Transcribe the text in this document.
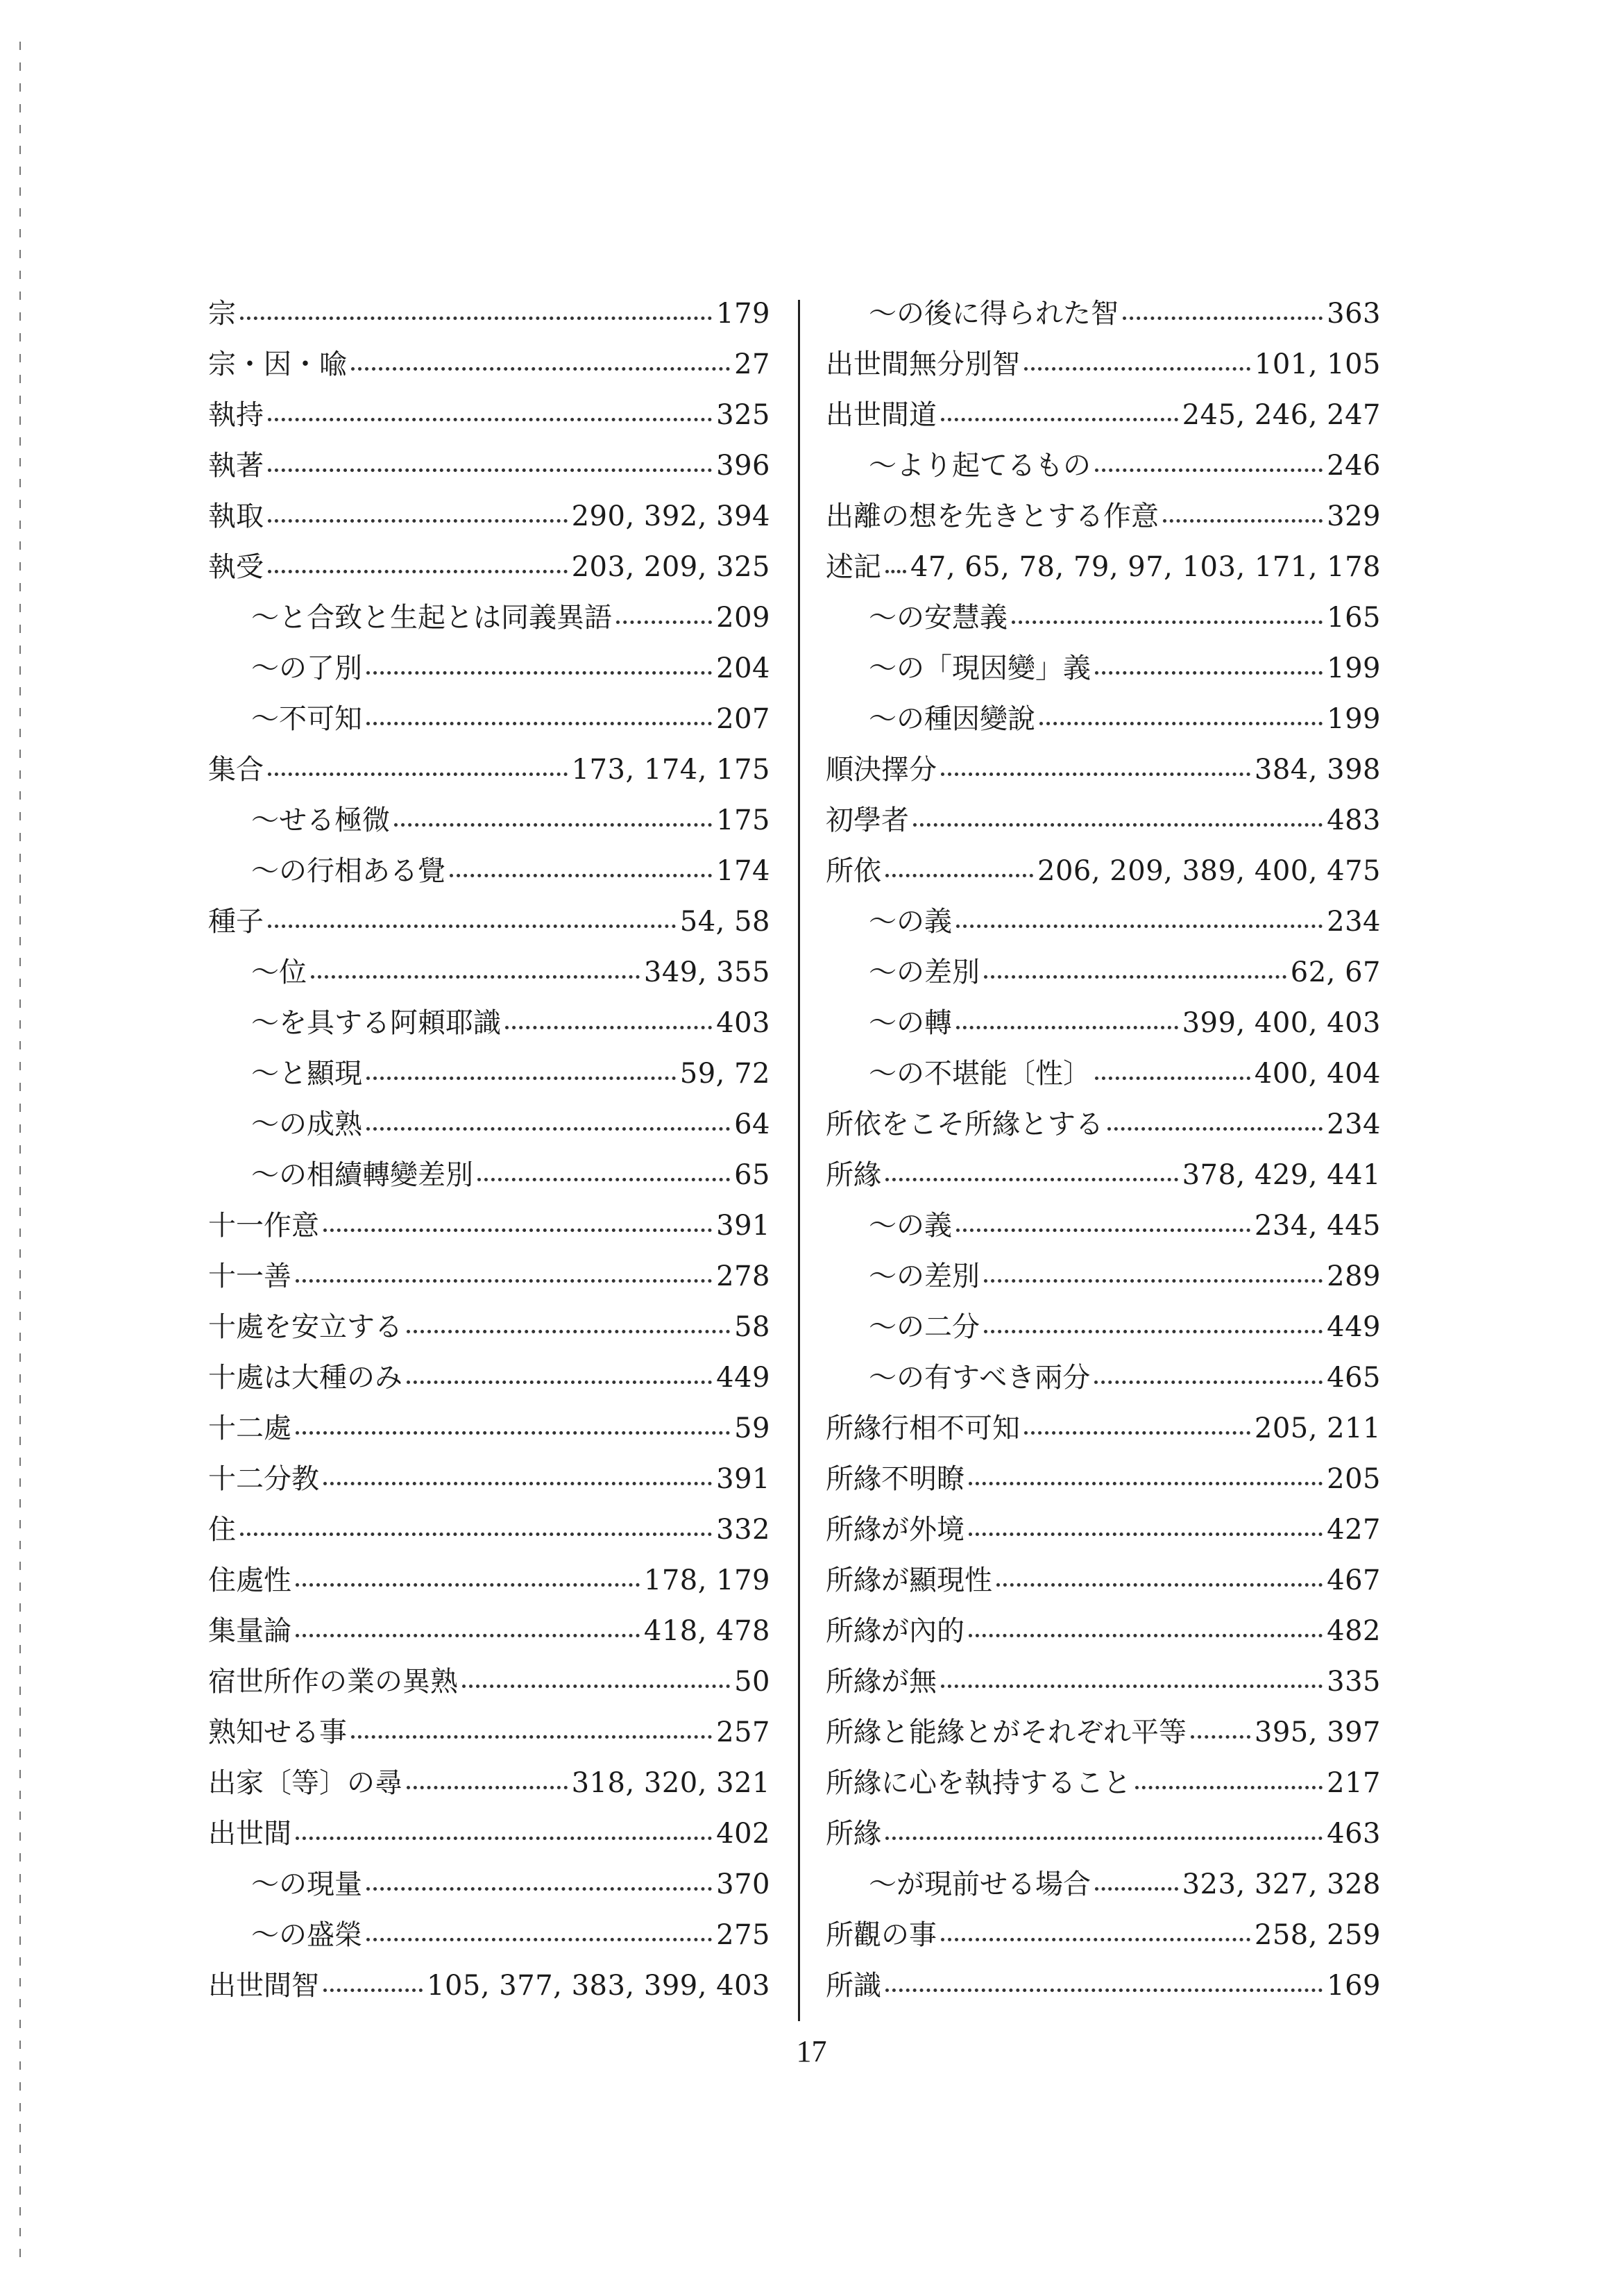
宗	179
宗・因・喩	27
執持	325
執著	396
執取	290, 392, 394
執受	203, 209, 325
〜と合致と生起とは同義異語	209
〜の了別	204
〜不可知	207
集合	173, 174, 175
〜せる極微	175
〜の行相ある覺	174
種子	54, 58
〜位	349, 355
〜を具する阿頼耶識	403
〜と顯現	59, 72
〜の成熟	64
〜の相續轉變差別	65
十一作意	391
十一善	278
十處を安立する	58
十處は大種のみ	449
十二處	59
十二分教	391
住	332
住處性	178, 179
集量論	418, 478
宿世所作の業の異熟	50
熟知せる事	257
出家〔等〕の尋	318, 320, 321
出世間	402
〜の現量	370
〜の盛榮	275
出世間智	105, 377, 383, 399, 403
〜の後に得られた智	363
出世間無分別智	101, 105
出世間道	245, 246, 247
〜より起てるもの	246
出離の想を先きとする作意	329
述記 47, 65, 78, 79, 97, 103, 171, 178
〜の安慧義	165
〜の「現因變」義	199
〜の種因變說	199
順決擇分	384, 398
初學者	483
所依	206, 209, 389, 400, 475
〜の義	234
〜の差別	62, 67
〜の轉	399, 400, 403
〜の不堪能〔性〕	400, 404
所依をこそ所緣とする	234
所緣	378, 429, 441
〜の義	234, 445
〜の差別	289
〜の二分	449
〜の有すべき兩分	465
所緣行相不可知	205, 211
所緣不明瞭	205
所緣が外境	427
所緣が顯現性	467
所緣が內的	482
所緣が無	335
所緣と能緣とがそれぞれ平等 395, 397
所緣に心を執持すること	217
所緣	463
〜が現前せる場合	323, 327, 328
所觀の事	258, 259
所識	169
17
